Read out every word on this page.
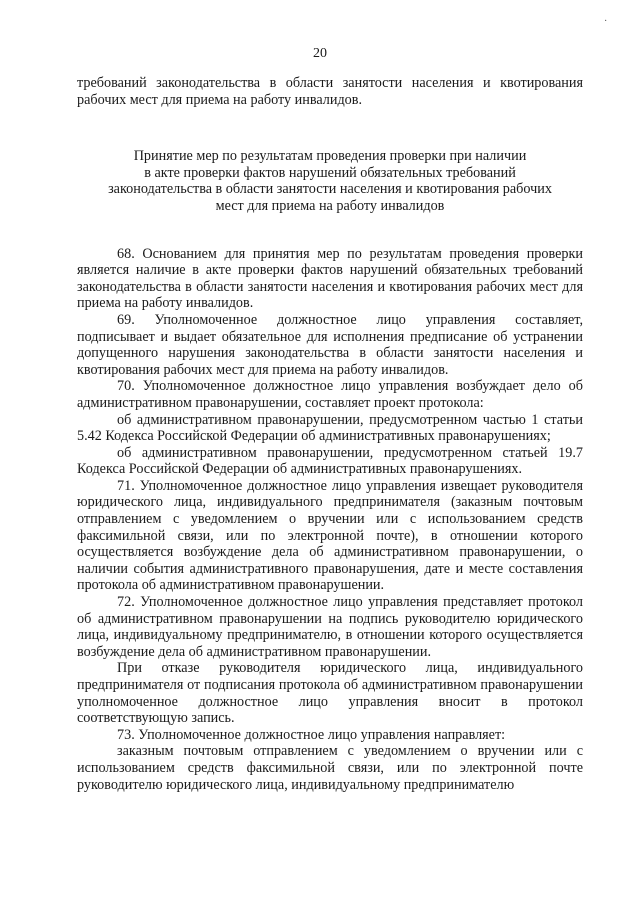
·
20

требований законодательства в области занятости населения и квотирования рабочих мест для приема на работу инвалидов.

Принятие мер по результатам проведения проверки при наличии
в акте проверки фактов нарушений обязательных требований
законодательства в области занятости населения и квотирования рабочих
мест для приема на работу инвалидов

68. Основанием для принятия мер по результатам проведения проверки является наличие в акте проверки фактов нарушений обязательных требований законодательства в области занятости населения и квотирования рабочих мест для приема на работу инвалидов.

69. Уполномоченное должностное лицо управления составляет, подписывает и выдает обязательное для исполнения предписание об устранении допущенного нарушения законодательства в области занятости населения и квотирования рабочих мест для приема на работу инвалидов.

70. Уполномоченное должностное лицо управления возбуждает дело об административном правонарушении, составляет проект протокола:

об административном правонарушении, предусмотренном частью 1 статьи 5.42 Кодекса Российской Федерации об административных правонарушениях;

об административном правонарушении, предусмотренном статьей 19.7 Кодекса Российской Федерации об административных правонарушениях.

71. Уполномоченное должностное лицо управления извещает руководителя юридического лица, индивидуального предпринимателя (заказным почтовым отправлением с уведомлением о вручении или с использованием средств факсимильной связи, или по электронной почте), в отношении которого осуществляется возбуждение дела об административном правонарушении, о наличии события административного правонарушения, дате и месте составления протокола об административном правонарушении.

72. Уполномоченное должностное лицо управления представляет протокол об административном правонарушении на подпись руководителю юридического лица, индивидуальному предпринимателю, в отношении которого осуществляется возбуждение дела об административном правонарушении.

При отказе руководителя юридического лица, индивидуального предпринимателя от подписания протокола об административном правонарушении уполномоченное должностное лицо управления вносит в протокол соответствующую запись.

73. Уполномоченное должностное лицо управления направляет:

заказным почтовым отправлением с уведомлением о вручении или с использованием средств факсимильной связи, или по электронной почте руководителю юридического лица, индивидуальному предпринимателю
